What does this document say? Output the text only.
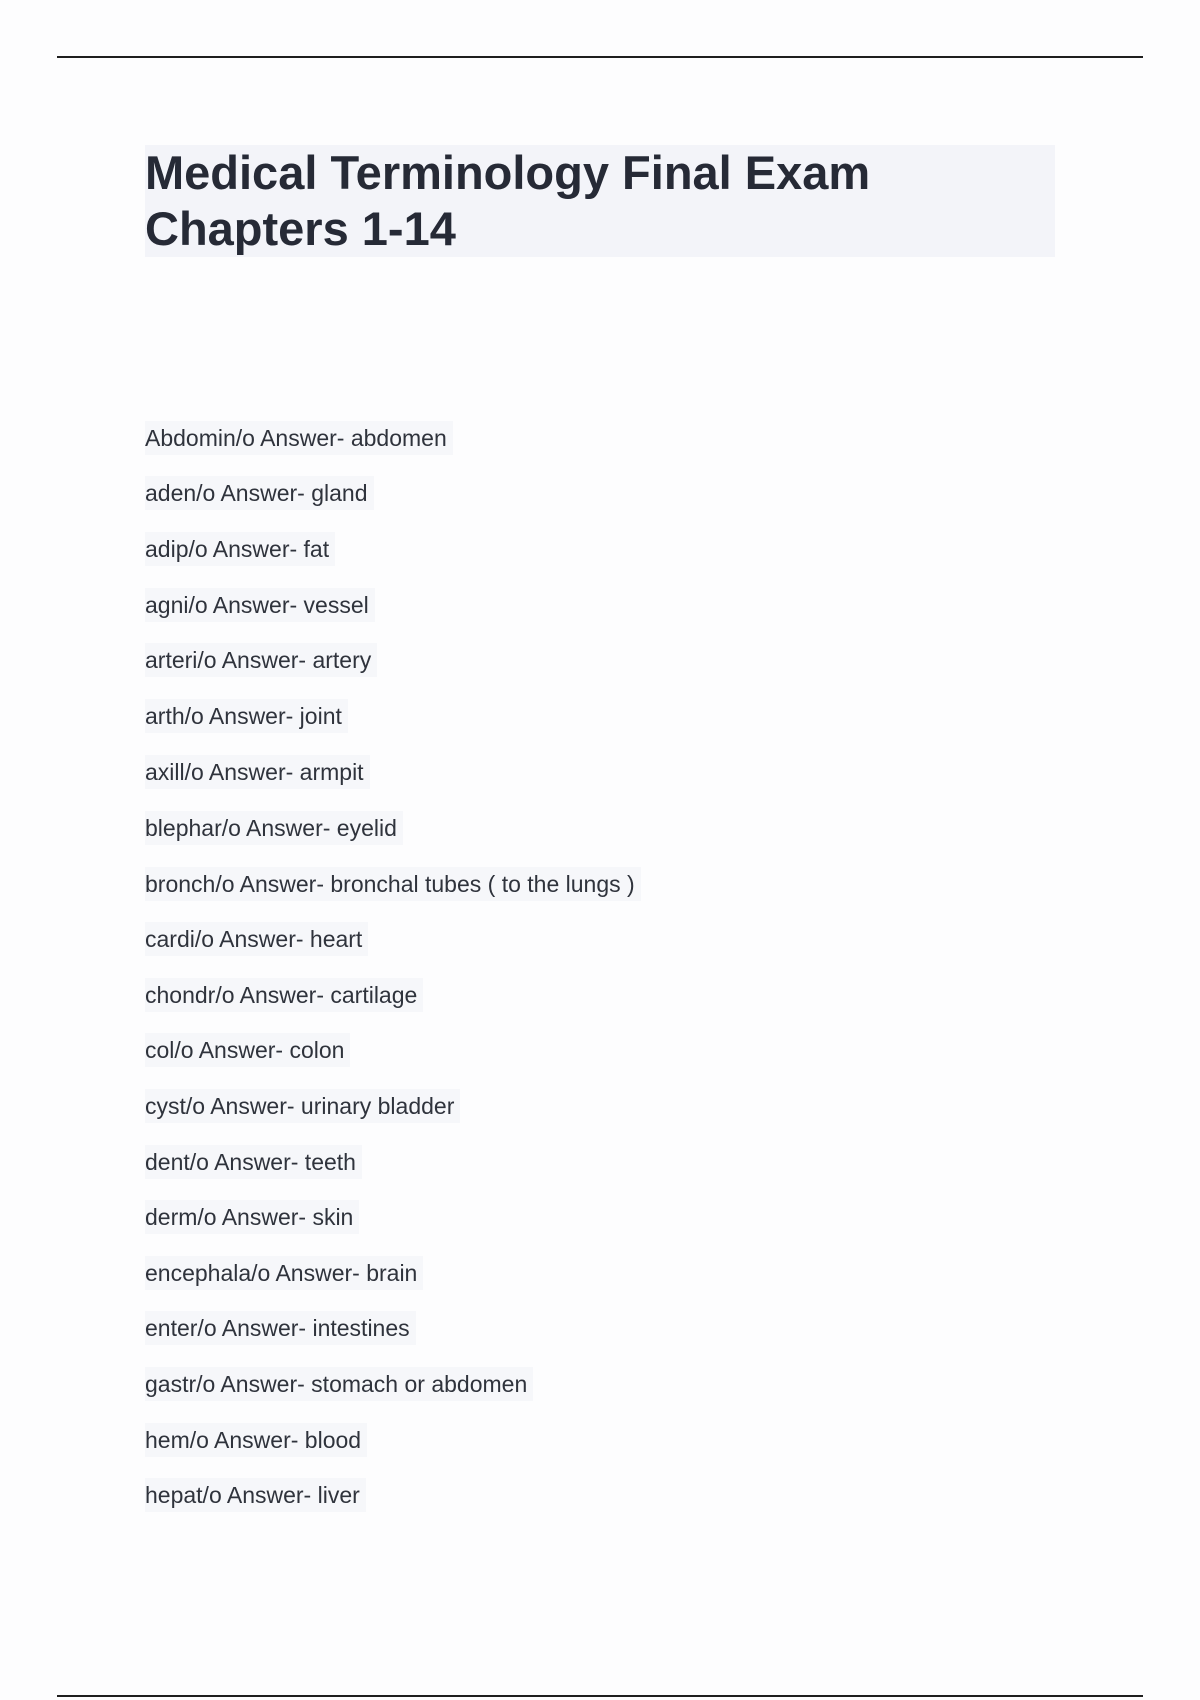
Medical Terminology Final Exam
Chapters 1-14
Abdomin/o Answer- abdomen
aden/o Answer- gland
adip/o Answer- fat
agni/o Answer- vessel
arteri/o Answer- artery
arth/o Answer- joint
axill/o Answer- armpit
blephar/o Answer- eyelid
bronch/o Answer- bronchal tubes ( to the lungs )
cardi/o Answer- heart
chondr/o Answer- cartilage
col/o Answer- colon
cyst/o Answer- urinary bladder
dent/o Answer- teeth
derm/o Answer- skin
encephala/o Answer- brain
enter/o Answer- intestines
gastr/o Answer- stomach or abdomen
hem/o Answer- blood
hepat/o Answer- liver
